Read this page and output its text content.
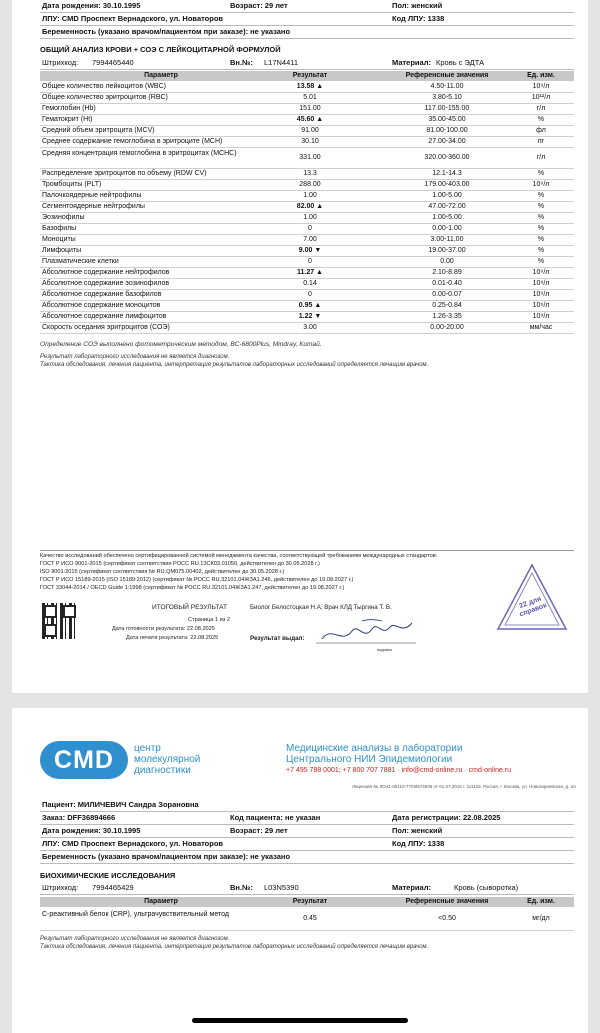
Дата рождения: 30.10.1995	Возраст: 29 лет	Пол: женский
ЛПУ: CMD Проспект Вернадского, ул. Новаторов	Код ЛПУ: 1338
Беременность (указано врачом/пациентом при заказе): не указано
ОБЩИЙ АНАЛИЗ КРОВИ + СОЭ С ЛЕЙКОЦИТАРНОЙ ФОРМУЛОЙ
Штрихкод: 7994465440	Вн.№: L17N4411	Материал: Кровь с ЭДТА
Параметр	Результат	Референсные значения	Ед. изм.
Общее количество лейкоцитов (WBC)	13.58 ▲	4.50-11.00	10⁹/л
Общее количество эритроцитов (RBC)	5.01	3.80-5.10	10¹²/л
Гемоглобин (Hb)	151.00	117.00-155.00	г/л
Гематокрит (Ht)	45.60 ▲	35.00-45.00	%
Средний объем эритроцита (MCV)	91.00	81.00-100.00	фл
Среднее содержание гемоглобина в эритроците (MCH)	30.10	27.00-34.00	пг
Средняя концентрация гемоглобина в эритроцитах (MCHC)
331.00	320.00-360.00	г/л
Распределение эритроцитов по объему (RDW CV)	13.3	12.1-14.3	%
Тромбоциты (PLT)	288.00	179.00-403.00	10⁹/л
Палочкоядерные нейтрофилы	1.00	1.00-5.00	%
Сегментоядерные нейтрофилы	82.00 ▲	47.00-72.00	%
Эозинофилы	1.00	1.00-5.00	%
Базофилы	0	0.00-1.00	%
Моноциты	7.00	3.00-11.00	%
Лимфоциты	9.00 ▼	19.00-37.00	%
Плазматические клетки	0	0.00	%
Абсолютное содержание нейтрофилов	11.27 ▲	2.10-8.89	10⁹/л
Абсолютное содержание эозинофилов	0.14	0.01-0.40	10⁹/л
Абсолютное содержание базофилов	0	0.00-0.07	10⁹/л
Абсолютное содержание моноцитов	0.95 ▲	0.25-0.84	10⁹/л
Абсолютное содержание лимфоцитов	1.22 ▼	1.26-3.35	10⁹/л
Скорость оседания эритроцитов (СОЭ)	3.00	0.00-20.00	мм/час
Определение СОЭ выполнено фотометрическим методом, ВС-6800Plus, Mindray, Китай.
Результат лабораторного исследования не является диагнозом.
Тактика обследования, лечения пациента, интерпретация результатов лабораторных исследований определяется лечащим врачом.
Качество исследований обеспечено сертифицированной системой менеджмента качества, соответствующей требованиям международных стандартов:
ГОСТ Р ИСО 9001-2015 (сертификат соответствия РОСС RU.13СК03.01050, действителен до 30.05.2028 г.)
ISO 9001:2015 (сертификат соответствия № RU.QM075.00402, действителен до 30.05.2028 г.)
ГОСТ Р ИСО 15189-2015 (ISO 15189:2012) (сертификат № РОСС RU.32101.04ЖЗА1.246, действителен до 19.08.2027 г.)
ГОСТ 33044-2014 / OECD Guide 1:1998 (сертификат № РОСС RU.32101.04ЖЗА1.247, действителен до 19.08.2027 г.)
ИТОГОВЫЙ РЕЗУЛЬТАТ
Страница 1 из 2
Дата готовности результата: 22.08.2025
Дата печати результата: 22.08.2025
Биолог Белостоцкая Н.А, Врач КЛД Тыргина Т. В.
Результат выдал:
подпись
22 для справок
CMD	центр
молекулярной
диагностики
Медицинские анализы в лаборатории
Центрального НИИ Эпидемиологии
+7 495 788 0001; +7 800 707 7881 · info@cmd-online.ru · cmd-online.ru
Лицензия № ЛО41-00110-77/00574836 от 01.07.2016 г. 111123, Россия, г. Москва, ул. Новогиреевская, д. 3А
Пациент: МИЛИЧЕВИЧ Сандра Зорановна
Заказ: DFF36894666	Код пациента: не указан	Дата регистрации: 22.08.2025
Дата рождения: 30.10.1995	Возраст: 29 лет	Пол: женский
ЛПУ: CMD Проспект Вернадского, ул. Новаторов	Код ЛПУ: 1338
Беременность (указано врачом/пациентом при заказе): не указано
БИОХИМИЧЕСКИЕ ИССЛЕДОВАНИЯ
Штрихкод: 7994465429	Вн.№: L03N5390	Материал:	Кровь (сыворотка)
Параметр	Результат	Референсные значения	Ед. изм.
С-реактивный белок (CRP), ультрачувствительный метод
0.45	<0.50	мг/дл
Результат лабораторного исследования не является диагнозом.
Тактика обследования, лечения пациента, интерпретация результатов лабораторных исследований определяется лечащим врачом.
